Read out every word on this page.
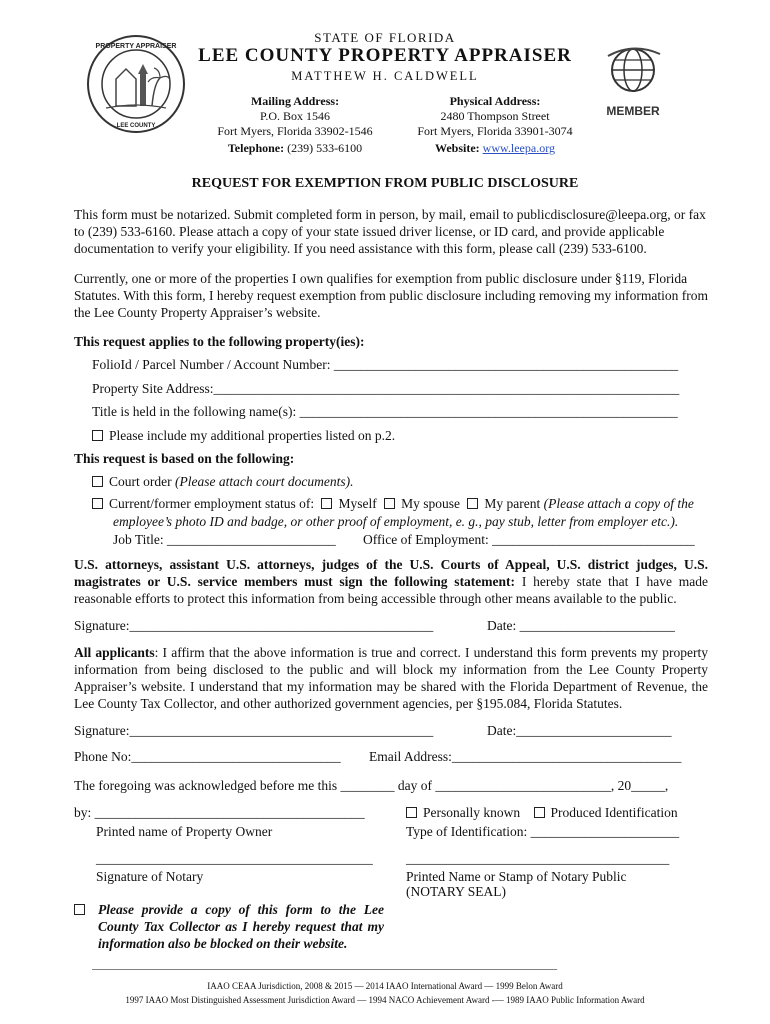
PROPERTY APPRAISER
LEE COUNTY
STATE OF FLORIDA
LEE COUNTY PROPERTY APPRAISER
MATTHEW H. CALDWELL
Mailing Address:
P.O. Box 1546
Fort Myers, Florida 33902-1546
Physical Address:
2480 Thompson Street
Fort Myers, Florida 33901-3074
Telephone: (239) 533-6100	Website: www.leepa.org
MEMBER
REQUEST FOR EXEMPTION FROM PUBLIC DISCLOSURE
This form must be notarized. Submit completed form in person, by mail, email to publicdisclosure@leepa.org, or fax to (239) 533-6160. Please attach a copy of your state issued driver license, or ID card, and provide applicable documentation to verify your eligibility. If you need assistance with this form, please call (239) 533-6100.
Currently, one or more of the properties I own qualifies for exemption from public disclosure under §119, Florida Statutes. With this form, I hereby request exemption from public disclosure including removing my information from the Lee County Property Appraiser’s website.
This request applies to the following property(ies):
FolioId / Parcel Number / Account Number: ___________________________________________________
Property Site Address:_____________________________________________________________________
Title is held in the following name(s): ________________________________________________________
Please include my additional properties listed on p.2.
This request is based on the following:
Court order (Please attach court documents).
Current/former employment status of: Myself My spouse My parent (Please attach a copy of the
employee’s photo ID and badge, or other proof of employment, e. g., pay stub, letter from employer etc.).
Job Title: _________________________ Office of Employment: ______________________________
U.S. attorneys, assistant U.S. attorneys, judges of the U.S. Courts of Appeal, U.S. district judges, U.S. magistrates or U.S. service members must sign the following statement: I hereby state that I have made reasonable efforts to protect this information from being accessible through other means available to the public.
Signature:_____________________________________________	Date: _______________________
All applicants: I affirm that the above information is true and correct. I understand this form prevents my property information from being disclosed to the public and will block my information from the Lee County Property Appraiser’s website. I understand that my information may be shared with the Florida Department of Revenue, the Lee County Tax Collector, and other authorized government agencies, per §195.084, Florida Statutes.
Signature:_____________________________________________	Date:_______________________
Phone No:_______________________________ Email Address:__________________________________
The foregoing was acknowledged before me this ________ day of __________________________, 20_____,
by: ________________________________________	Personally known Produced Identification
Printed name of Property Owner	Type of Identification: ______________________
_________________________________________ _______________________________________
Signature of Notary	Printed Name or Stamp of Notary Public
(NOTARY SEAL)
Please provide a copy of this form to the Lee County Tax Collector as I hereby request that my information also be blocked on their website.
_____________________________________________________________________________________________
IAAO CEAA Jurisdiction, 2008 & 2015 — 2014 IAAO International Award — 1999 Belon Award
1997 IAAO Most Distinguished Assessment Jurisdiction Award — 1994 NACO Achievement Award -— 1989 IAAO Public Information Award
